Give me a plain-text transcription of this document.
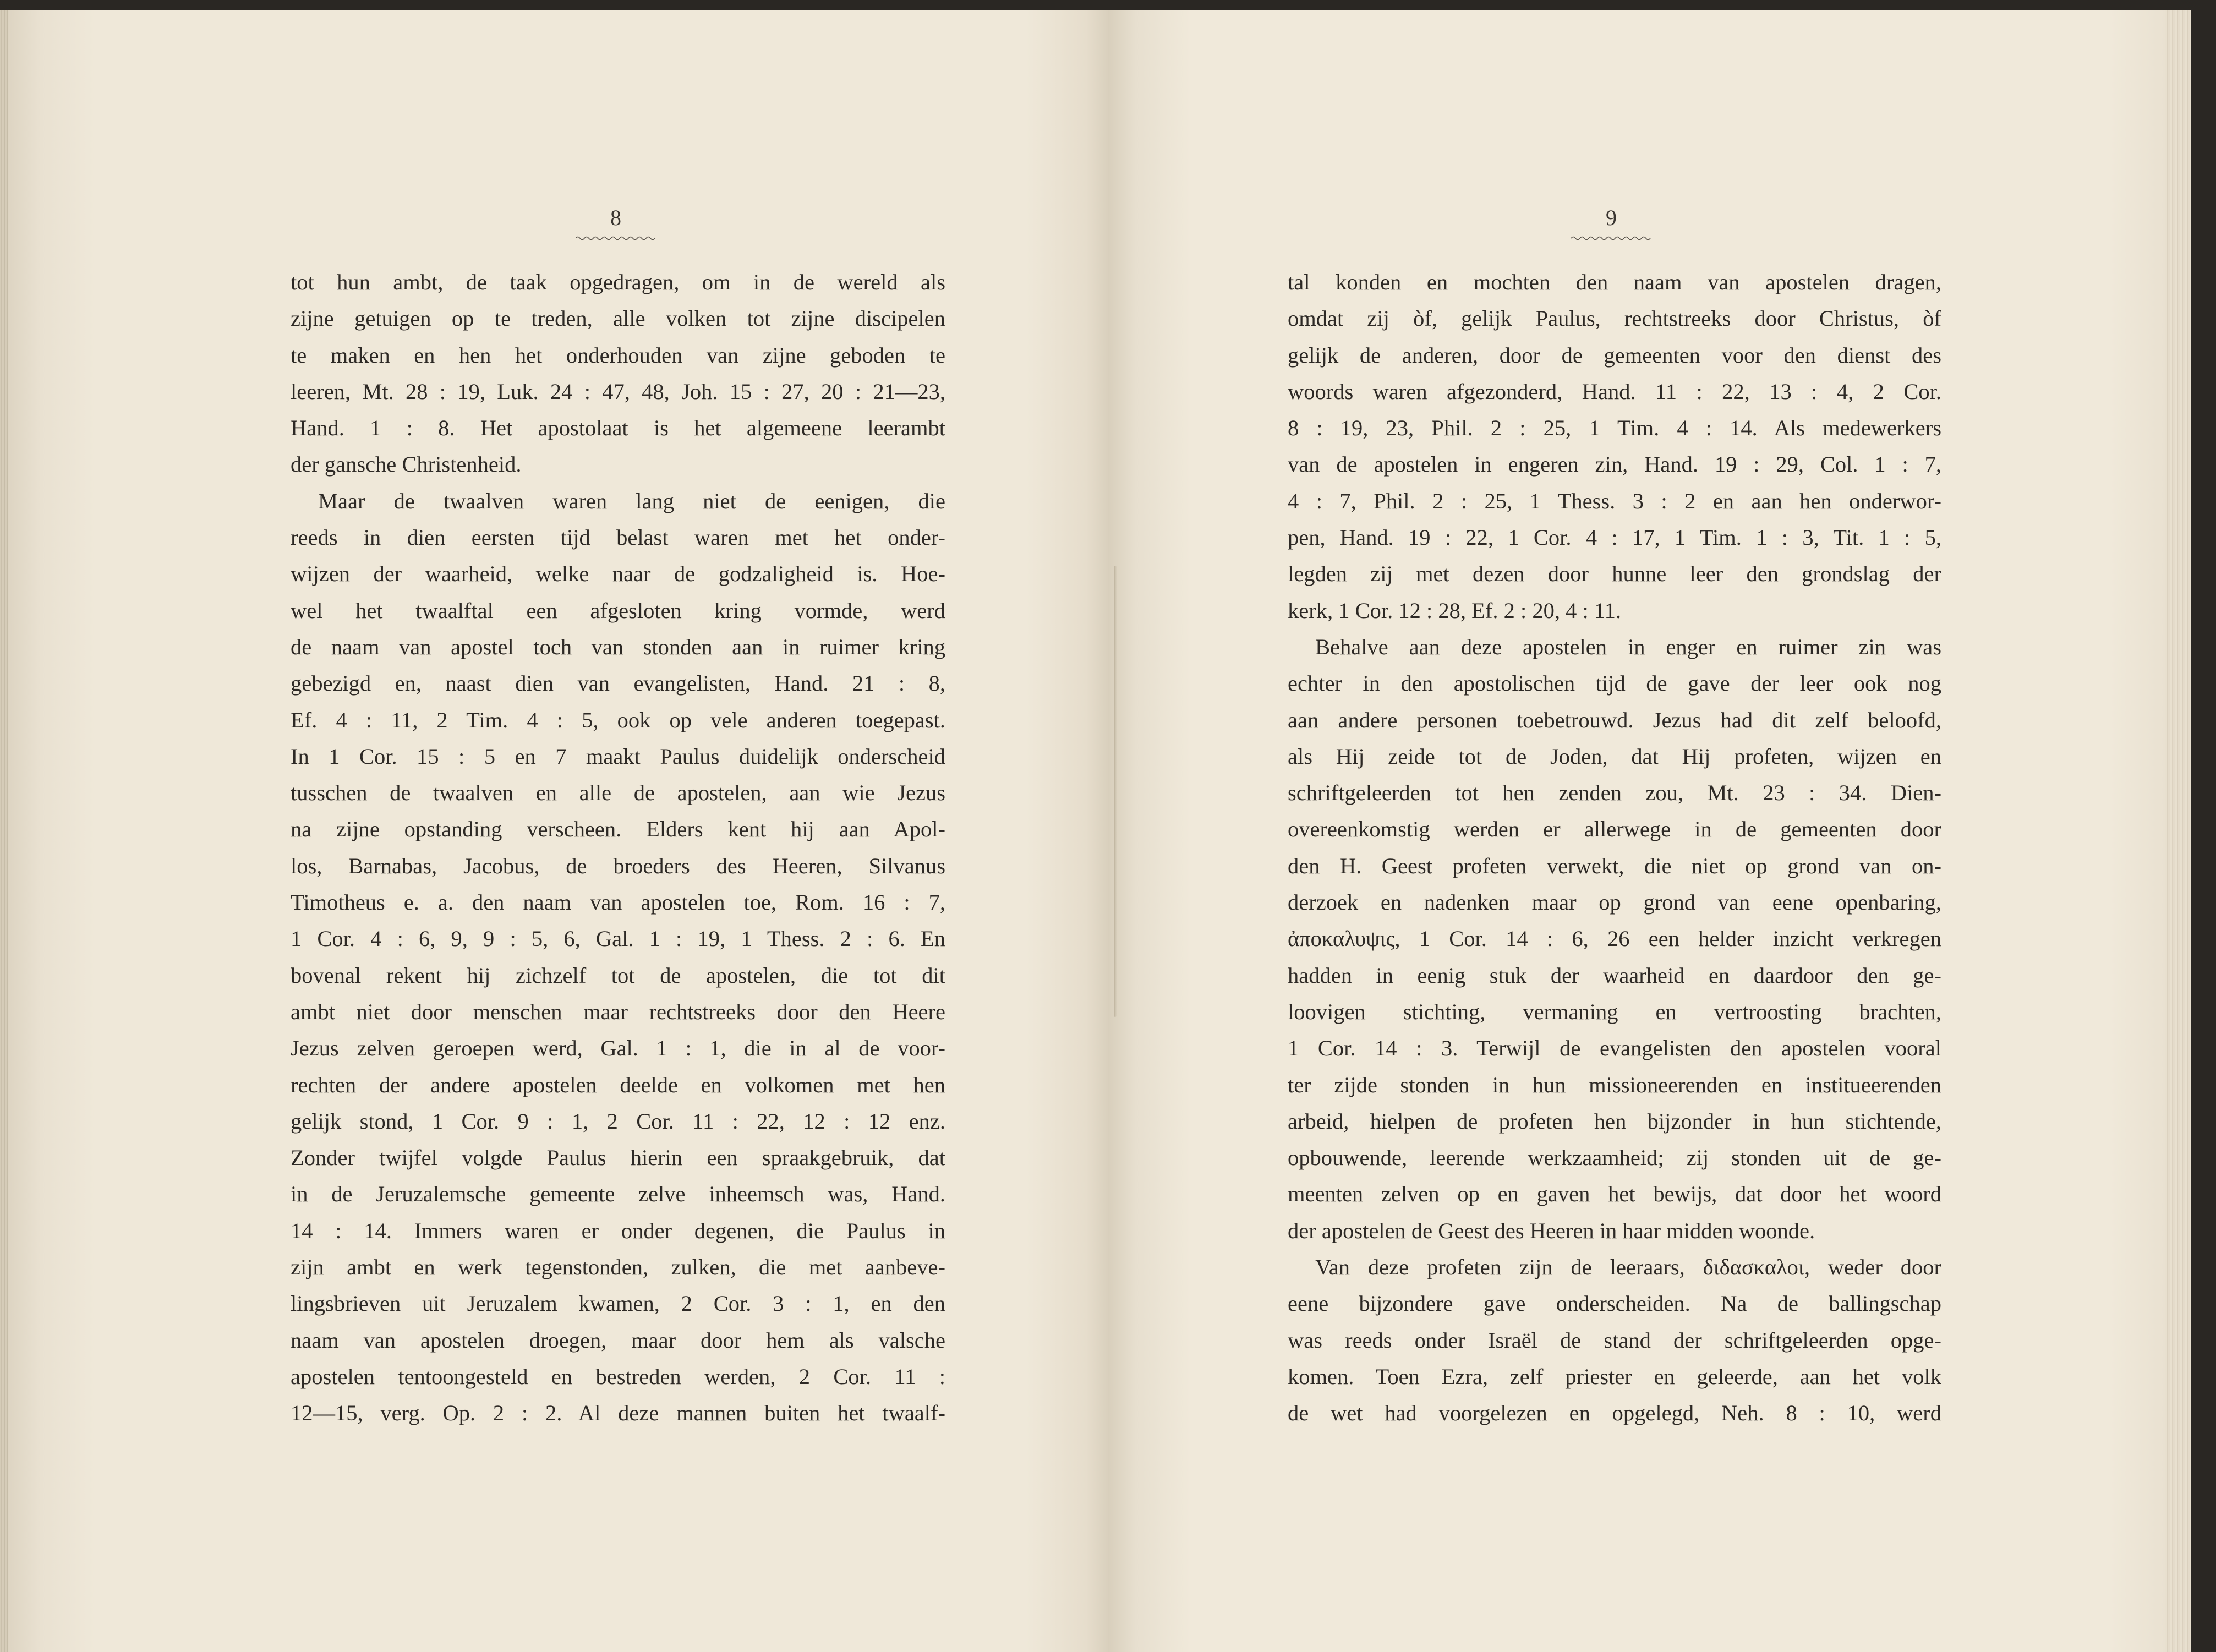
8
tot hun ambt, de taak opgedragen, om in de wereld als
zijne getuigen op te treden, alle volken tot zijne discipelen
te maken en hen het onderhouden van zijne geboden te
leeren, Mt. 28 : 19, Luk. 24 : 47, 48, Joh. 15 : 27, 20 : 21—23,
Hand. 1 : 8. Het apostolaat is het algemeene leerambt
der gansche Christenheid.
Maar de twaalven waren lang niet de eenigen, die
reeds in dien eersten tijd belast waren met het onder-
wijzen der waarheid, welke naar de godzaligheid is. Hoe-
wel het twaalftal een afgesloten kring vormde, werd
de naam van apostel toch van stonden aan in ruimer kring
gebezigd en, naast dien van evangelisten, Hand. 21 : 8,
Ef. 4 : 11, 2 Tim. 4 : 5, ook op vele anderen toegepast.
In 1 Cor. 15 : 5 en 7 maakt Paulus duidelijk onderscheid
tusschen de twaalven en alle de apostelen, aan wie Jezus
na zijne opstanding verscheen. Elders kent hij aan Apol-
los, Barnabas, Jacobus, de broeders des Heeren, Silvanus
Timotheus e. a. den naam van apostelen toe, Rom. 16 : 7,
1 Cor. 4 : 6, 9, 9 : 5, 6, Gal. 1 : 19, 1 Thess. 2 : 6. En
bovenal rekent hij zichzelf tot de apostelen, die tot dit
ambt niet door menschen maar rechtstreeks door den Heere
Jezus zelven geroepen werd, Gal. 1 : 1, die in al de voor-
rechten der andere apostelen deelde en volkomen met hen
gelijk stond, 1 Cor. 9 : 1, 2 Cor. 11 : 22, 12 : 12 enz.
Zonder twijfel volgde Paulus hierin een spraakgebruik, dat
in de Jeruzalemsche gemeente zelve inheemsch was, Hand.
14 : 14. Immers waren er onder degenen, die Paulus in
zijn ambt en werk tegenstonden, zulken, die met aanbeve-
lingsbrieven uit Jeruzalem kwamen, 2 Cor. 3 : 1, en den
naam van apostelen droegen, maar door hem als valsche
apostelen tentoongesteld en bestreden werden, 2 Cor. 11 :
12—15, verg. Op. 2 : 2. Al deze mannen buiten het twaalf-
9
tal konden en mochten den naam van apostelen dragen,
omdat zij òf, gelijk Paulus, rechtstreeks door Christus, òf
gelijk de anderen, door de gemeenten voor den dienst des
woords waren afgezonderd, Hand. 11 : 22, 13 : 4, 2 Cor.
8 : 19, 23, Phil. 2 : 25, 1 Tim. 4 : 14. Als medewerkers
van de apostelen in engeren zin, Hand. 19 : 29, Col. 1 : 7,
4 : 7, Phil. 2 : 25, 1 Thess. 3 : 2 en aan hen onderwor-
pen, Hand. 19 : 22, 1 Cor. 4 : 17, 1 Tim. 1 : 3, Tit. 1 : 5,
legden zij met dezen door hunne leer den grondslag der
kerk, 1 Cor. 12 : 28, Ef. 2 : 20, 4 : 11.
Behalve aan deze apostelen in enger en ruimer zin was
echter in den apostolischen tijd de gave der leer ook nog
aan andere personen toebetrouwd. Jezus had dit zelf beloofd,
als Hij zeide tot de Joden, dat Hij profeten, wijzen en
schriftgeleerden tot hen zenden zou, Mt. 23 : 34. Dien-
overeenkomstig werden er allerwege in de gemeenten door
den H. Geest profeten verwekt, die niet op grond van on-
derzoek en nadenken maar op grond van eene openbaring,
ἀποκαλυψις, 1 Cor. 14 : 6, 26 een helder inzicht verkregen
hadden in eenig stuk der waarheid en daardoor den ge-
loovigen stichting, vermaning en vertroosting brachten,
1 Cor. 14 : 3. Terwijl de evangelisten den apostelen vooral
ter zijde stonden in hun missioneerenden en institueerenden
arbeid, hielpen de profeten hen bijzonder in hun stichtende,
opbouwende, leerende werkzaamheid; zij stonden uit de ge-
meenten zelven op en gaven het bewijs, dat door het woord
der apostelen de Geest des Heeren in haar midden woonde.
Van deze profeten zijn de leeraars, διδασκαλοι, weder door
eene bijzondere gave onderscheiden. Na de ballingschap
was reeds onder Israël de stand der schriftgeleerden opge-
komen. Toen Ezra, zelf priester en geleerde, aan het volk
de wet had voorgelezen en opgelegd, Neh. 8 : 10, werd
